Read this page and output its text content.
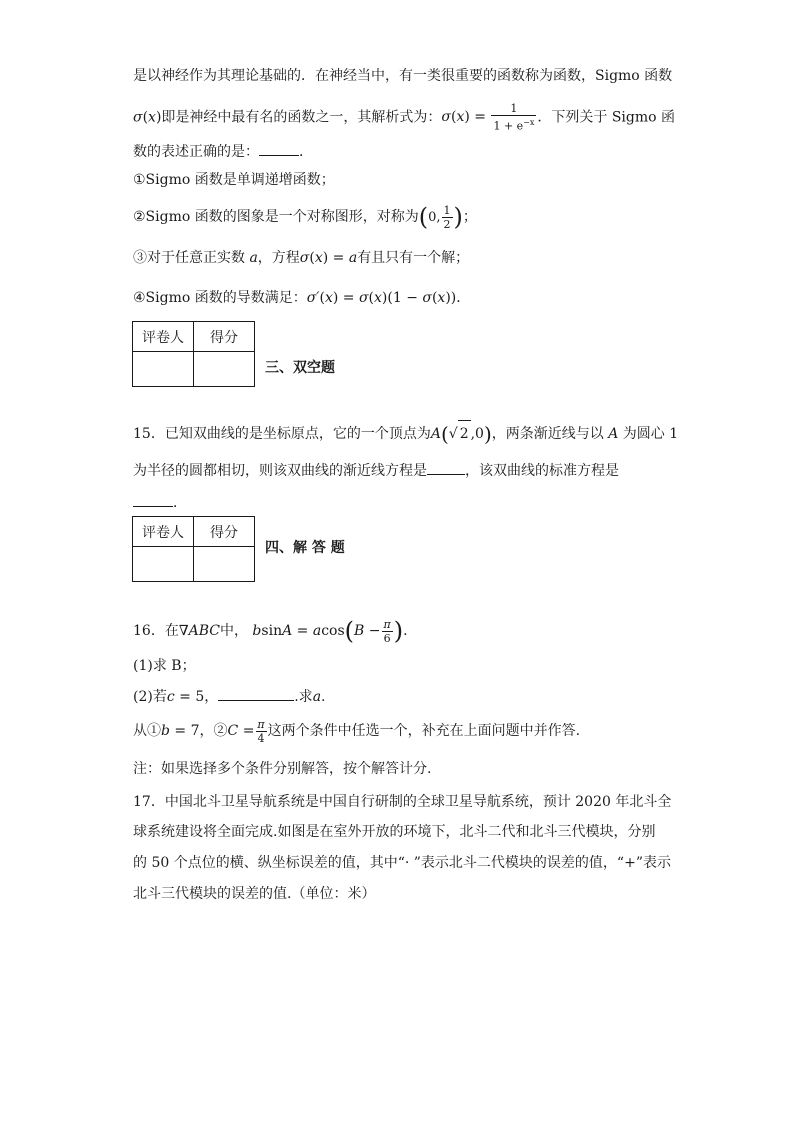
是以神经作为其理论基础的．在神经当中，有一类很重要的函数称为函数，Sigmo 函数
σ(x)即是神经中最有名的函数之一，其解析式为：$\sigma(x) = \frac{1}{1 + e^{-x}}$ ．下列关于 Sigmo 函
数的表述正确的是：	．
①Sigmo 函数是单调递增函数；
②Sigmo 函数的图象是一个对称图形，对称为(0, $\frac{1}{2}$ )；
③对于任意正实数 a，方程σ(x) = a有且只有一个解；
④Sigmo 函数的导数满足：σ′(x) = σ(x)(1 − σ(x))．
评卷人	得分

三、双空题
15．已知双曲线的是坐标原点，它的一个顶点为A(√ 2 ,0)，两条渐近线与以 A 为圆心 1
为半径的圆都相切，则该双曲线的渐近线方程是	，该双曲线的标准方程是
．
评卷人	得分

四、解 答 题
16．在∇ABC中， $bsinA = acos(B - \frac{\pi}{6}$ ).
(1)求 B；
(2)若c = 5，	.求a.
从①b = 7，②C = $\frac{\pi}{4}$ 这两个条件中任选一个，补充在上面问题中并作答.
注：如果选择多个条件分别解答，按个解答计分.
17．中国北斗卫星导航系统是中国自行研制的全球卫星导航系统，预计 2020 年北斗全
球系统建设将全面完成.如图是在室外开放的环境下，北斗二代和北斗三代模块，分别
的 50 个点位的横、纵坐标误差的值，其中“· ”表示北斗二代模块的误差的值，“+”表示
北斗三代模块的误差的值.（单位：米）
